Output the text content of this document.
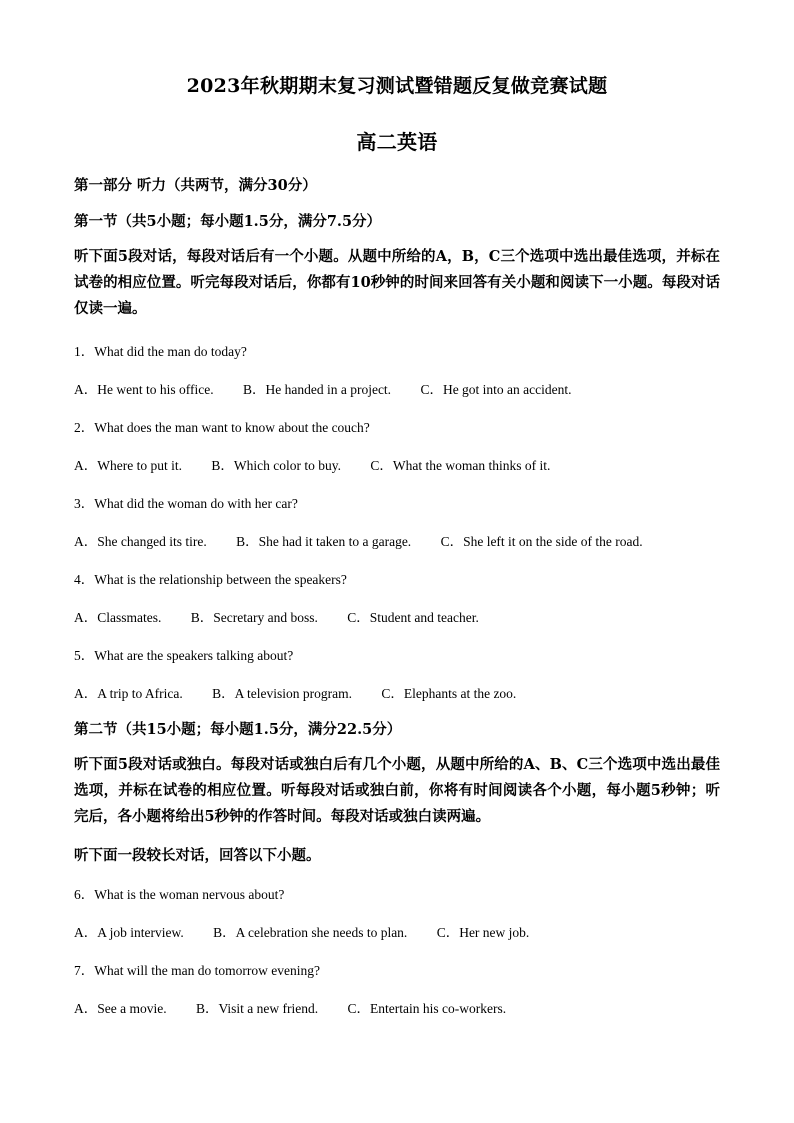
2023年秋期期末复习测试暨错题反复做竞赛试题
高二英语
第一部分 听力（共两节，满分30分）
第一节（共5小题；每小题1.5分，满分7.5分）
听下面5段对话，每段对话后有一个小题。从题中所给的A，B，C三个选项中选出最佳选项，并标在试卷的相应位置。听完每段对话后，你都有10秒钟的时间来回答有关小题和阅读下一小题。每段对话仅读一遍。
1．What did the man do today?
A．He went to his office. B．He handed in a project. C．He got into an accident.
2．What does the man want to know about the couch?
A．Where to put it. B．Which color to buy. C．What the woman thinks of it.
3．What did the woman do with her car?
A．She changed its tire. B．She had it taken to a garage. C．She left it on the side of the road.
4．What is the relationship between the speakers?
A．Classmates. B．Secretary and boss. C．Student and teacher.
5．What are the speakers talking about?
A．A trip to Africa. B．A television program. C．Elephants at the zoo.
第二节（共15小题；每小题1.5分，满分22.5分）
听下面5段对话或独白。每段对话或独白后有几个小题，从题中所给的A、B、C三个选项中选出最佳选项，并标在试卷的相应位置。听每段对话或独白前，你将有时间阅读各个小题，每小题5秒钟；听完后，各小题将给出5秒钟的作答时间。每段对话或独白读两遍。
听下面一段较长对话，回答以下小题。
6．What is the woman nervous about?
A．A job interview. B．A celebration she needs to plan. C．Her new job.
7．What will the man do tomorrow evening?
A．See a movie. B．Visit a new friend. C．Entertain his co-workers.
